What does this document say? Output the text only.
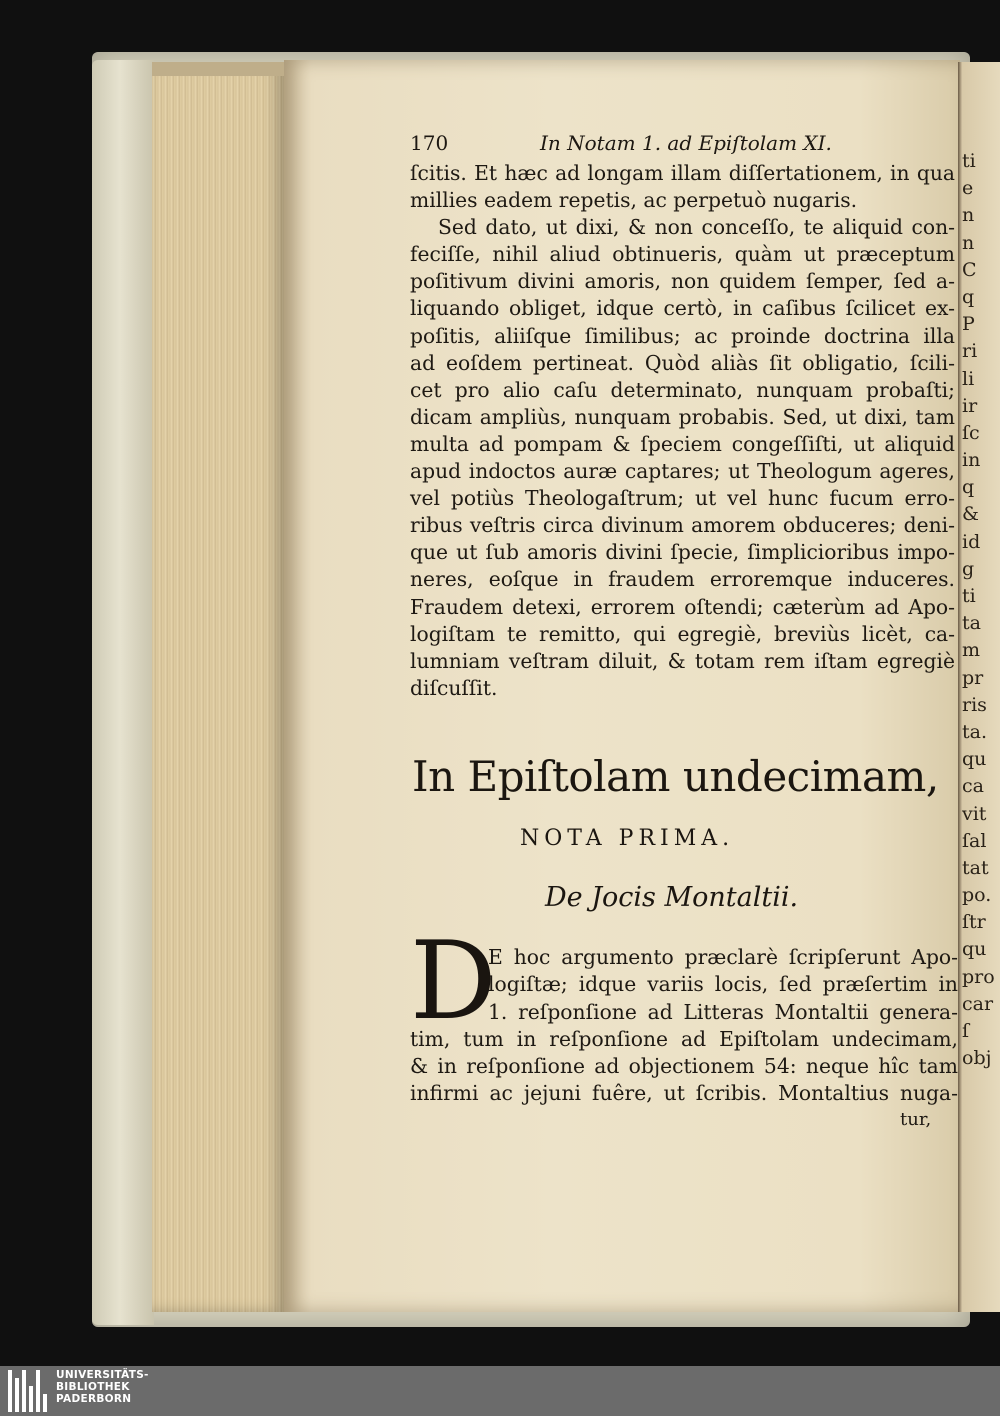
ti
e
n
n
C
q
P
ri
li
ir
ſc
in
q
&
id
g
ti
ta
m
pr
ris
ta.
qu
ca
vit
ſal
tat
po.
ſtr
qu
pro
car
ſ
obj
170	In Notam 1. ad Epiſtolam XI.
ſcitis. Et hæc ad longam illam diſſertationem, in qua
millies eadem repetis, ac perpetuò nugaris.
Sed dato, ut dixi, & non conceſſo, te aliquid con-
feciſſe, nihil aliud obtinueris, quàm ut præceptum
poſitivum divini amoris, non quidem ſemper, ſed a-
liquando obliget, idque certò, in caſibus ſcilicet ex-
poſitis, aliiſque ſimilibus; ac proinde doctrina illa
ad eoſdem pertineat. Quòd aliàs ſit obligatio, ſcili-
cet pro alio caſu determinato, nunquam probaſti;
dicam ampliùs, nunquam probabis. Sed, ut dixi, tam
multa ad pompam & ſpeciem congeſſiſti, ut aliquid
apud indoctos auræ captares; ut Theologum ageres,
vel potiùs Theologaſtrum; ut vel hunc fucum erro-
ribus veſtris circa divinum amorem obduceres; deni-
que ut ſub amoris divini ſpecie, ſimplicioribus impo-
neres, eoſque in fraudem erroremque induceres.
Fraudem detexi, errorem oſtendi; cæterùm ad Apo-
logiſtam te remitto, qui egregiè, breviùs licèt, ca-
lumniam veſtram diluit, & totam rem iſtam egregiè
diſcuſſit.
In Epiſtolam undecimam,
NOTA PRIMA.
De Jocis Montaltii.
D
E hoc argumento præclarè ſcripſerunt Apo-
logiſtæ; idque variis locis, ſed præſertim in
1. reſponſione ad Litteras Montaltii genera-
tim, tum in reſponſione ad Epiſtolam undecimam,
& in reſponſione ad objectionem 54: neque hîc tam
infirmi ac jejuni fuêre, ut ſcribis. Montaltius nuga-
tur,
UNIVERSITÄTS-
BIBLIOTHEK
PADERBORN
